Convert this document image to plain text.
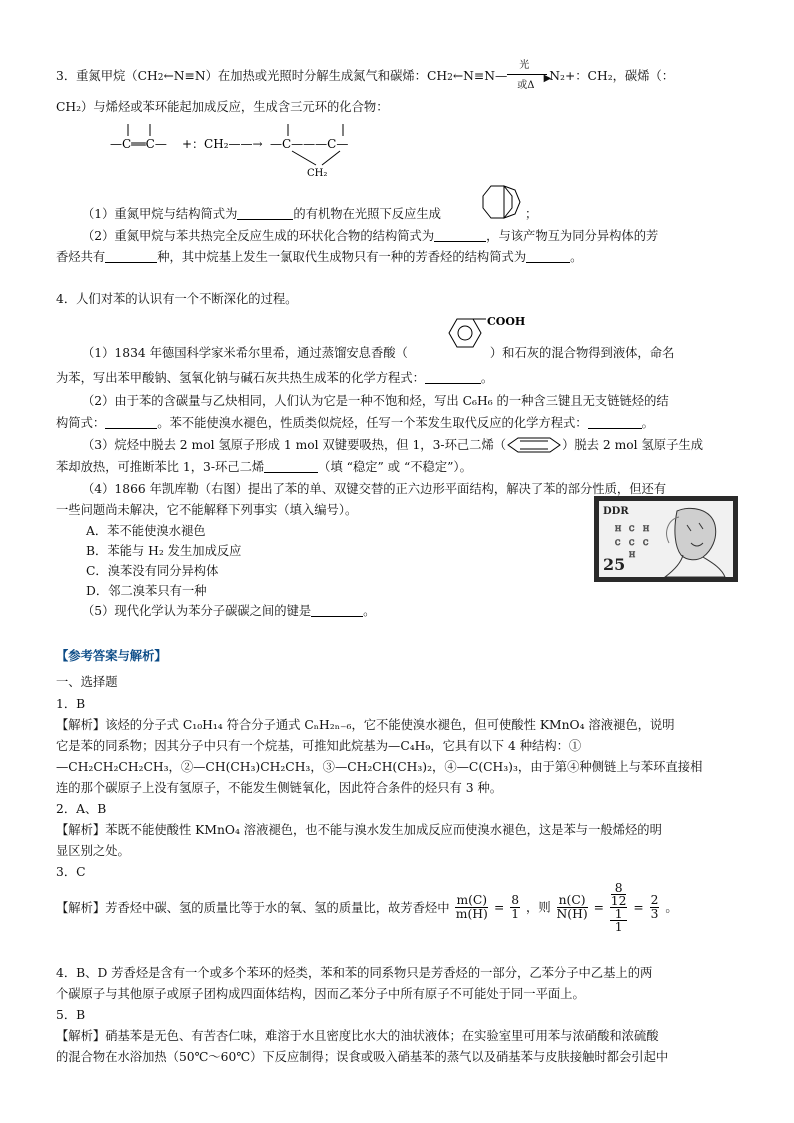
3．重氮甲烷（CH2←N≡N）在加热或光照时分解生成氮气和碳烯：CH2←N≡N—
光
▶
或Δ
N₂+：CH₂，碳烯（：
CH₂）与烯烃或苯环能起加成反应，生成含三元环的化合物：
—C══C— +：CH₂——→ —C———C—
CH₂
（1）重氮甲烷与结构简式为	的有机物在光照下反应生成	；
（2）重氮甲烷与苯共热完全反应生成的环状化合物的结构简式为	，与该产物互为同分异构体的芳
香烃共有	种，其中烷基上发生一氯取代生成物只有一种的芳香烃的结构简式为	。
4．人们对苯的认识有一个不断深化的过程。
COOH
（1）1834 年德国科学家米希尔里希，通过蒸馏安息香酸（	）和石灰的混合物得到液体，命名
为苯，写出苯甲酸钠、氢氧化钠与碱石灰共热生成苯的化学方程式：	。
（2）由于苯的含碳量与乙炔相同，人们认为它是一种不饱和烃，写出 C₆H₆ 的一种含三键且无支链链烃的结
构简式：	。苯不能使溴水褪色，性质类似烷烃，任写一个苯发生取代反应的化学方程式：	。
（3）烷烃中脱去 2 mol 氢原子形成 1 mol 双键要吸热，但 1，3-环己二烯（	）脱去 2 mol 氢原子生成
苯却放热，可推断苯比 1，3-环己二烯	（填 “稳定” 或 “不稳定”）。
（4）1866 年凯库勒（右图）提出了苯的单、双键交替的正六边形平面结构，解决了苯的部分性质，但还有
一些问题尚未解决，它不能解释下列事实（填入编号）。
A．苯不能使溴水褪色
B．苯能与 H₂ 发生加成反应
C．溴苯没有同分异构体
D．邻二溴苯只有一种
（5）现代化学认为苯分子碳碳之间的键是	。
H C H
C C C
H
DDR
25
【参考答案与解析】
一、选择题
1．B
【解析】该烃的分子式 C₁₀H₁₄ 符合分子通式 CₙH₂ₙ₋₆，它不能使溴水褪色，但可使酸性 KMnO₄ 溶液褪色，说明
它是苯的同系物；因其分子中只有一个烷基，可推知此烷基为—C₄H₉，它具有以下 4 种结构：①
—CH₂CH₂CH₂CH₃，②—CH(CH₃)CH₂CH₃，③—CH₂CH(CH₃)₂，④—C(CH₃)₃，由于第④种侧链上与苯环直接相
连的那个碳原子上没有氢原子，不能发生侧链氧化，因此符合条件的烃只有 3 种。
2．A、B
【解析】苯既不能使酸性 KMnO₄ 溶液褪色，也不能与溴水发生加成反应而使溴水褪色，这是苯与一般烯烃的明
显区别之处。
3．C
【解析】芳香烃中碳、氢的质量比等于水的氧、氢的质量比，故芳香烃中 $\frac{m(C)}{m(H)} = \frac{8}{1}$ ，则 $\frac{n(C)}{N(H)} = 8$
12
1
$1 = \frac{2}{3}$ 。
4．B、D 芳香烃是含有一个或多个苯环的烃类，苯和苯的同系物只是芳香烃的一部分，乙苯分子中乙基上的两
个碳原子与其他原子或原子团构成四面体结构，因而乙苯分子中所有原子不可能处于同一平面上。
5．B
【解析】硝基苯是无色、有苦杏仁味，难溶于水且密度比水大的油状液体；在实验室里可用苯与浓硝酸和浓硫酸
的混合物在水浴加热（50℃～60℃）下反应制得；误食或吸入硝基苯的蒸气以及硝基苯与皮肤接触时都会引起中
